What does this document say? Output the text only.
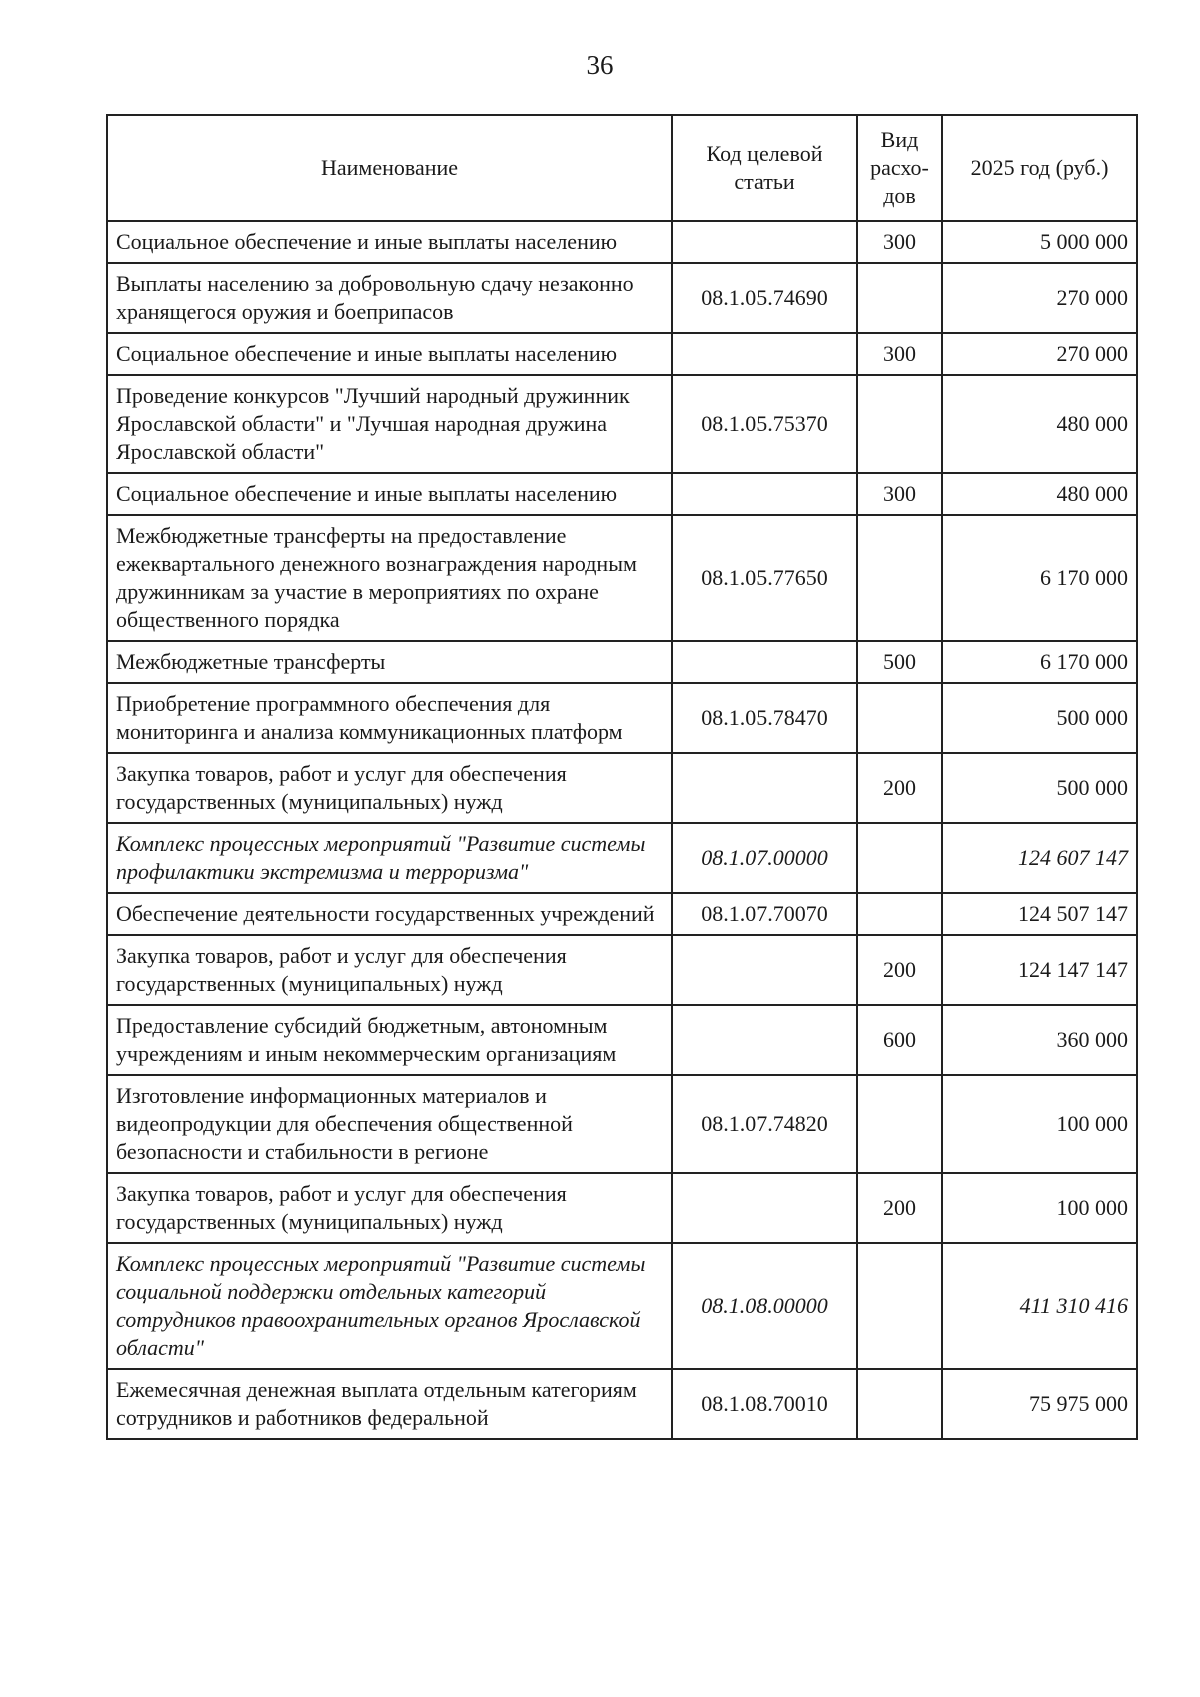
36
Наименование	Код целевой статьи	Вид расхо-дов	2025 год (руб.)
Социальное обеспечение и иные выплаты населению		300	5 000 000
Выплаты населению за добровольную сдачу незаконно хранящегося оружия и боеприпасов	08.1.05.74690		270 000
Социальное обеспечение и иные выплаты населению		300	270 000
Проведение конкурсов "Лучший народный дружинник Ярославской области" и "Лучшая народная дружина Ярославской области"	08.1.05.75370		480 000
Социальное обеспечение и иные выплаты населению		300	480 000
Межбюджетные трансферты на предоставление ежеквартального денежного вознаграждения народным дружинникам за участие в мероприятиях по охране общественного порядка	08.1.05.77650		6 170 000
Межбюджетные трансферты		500	6 170 000
Приобретение программного обеспечения для мониторинга и анализа коммуникационных платформ	08.1.05.78470		500 000
Закупка товаров, работ и услуг для обеспечения государственных (муниципальных) нужд		200	500 000
Комплекс процессных мероприятий "Развитие системы профилактики экстремизма и терроризма"	08.1.07.00000		124 607 147
Обеспечение деятельности государственных учреждений	08.1.07.70070		124 507 147
Закупка товаров, работ и услуг для обеспечения государственных (муниципальных) нужд		200	124 147 147
Предоставление субсидий бюджетным, автономным учреждениям и иным некоммерческим организациям		600	360 000
Изготовление информационных материалов и видеопродукции для обеспечения общественной безопасности и стабильности в регионе	08.1.07.74820		100 000
Закупка товаров, работ и услуг для обеспечения государственных (муниципальных) нужд		200	100 000
Комплекс процессных мероприятий "Развитие системы социальной поддержки отдельных категорий сотрудников правоохранительных органов Ярославской области"	08.1.08.00000		411 310 416
Ежемесячная денежная выплата отдельным категориям сотрудников и работников федеральной	08.1.08.70010		75 975 000
